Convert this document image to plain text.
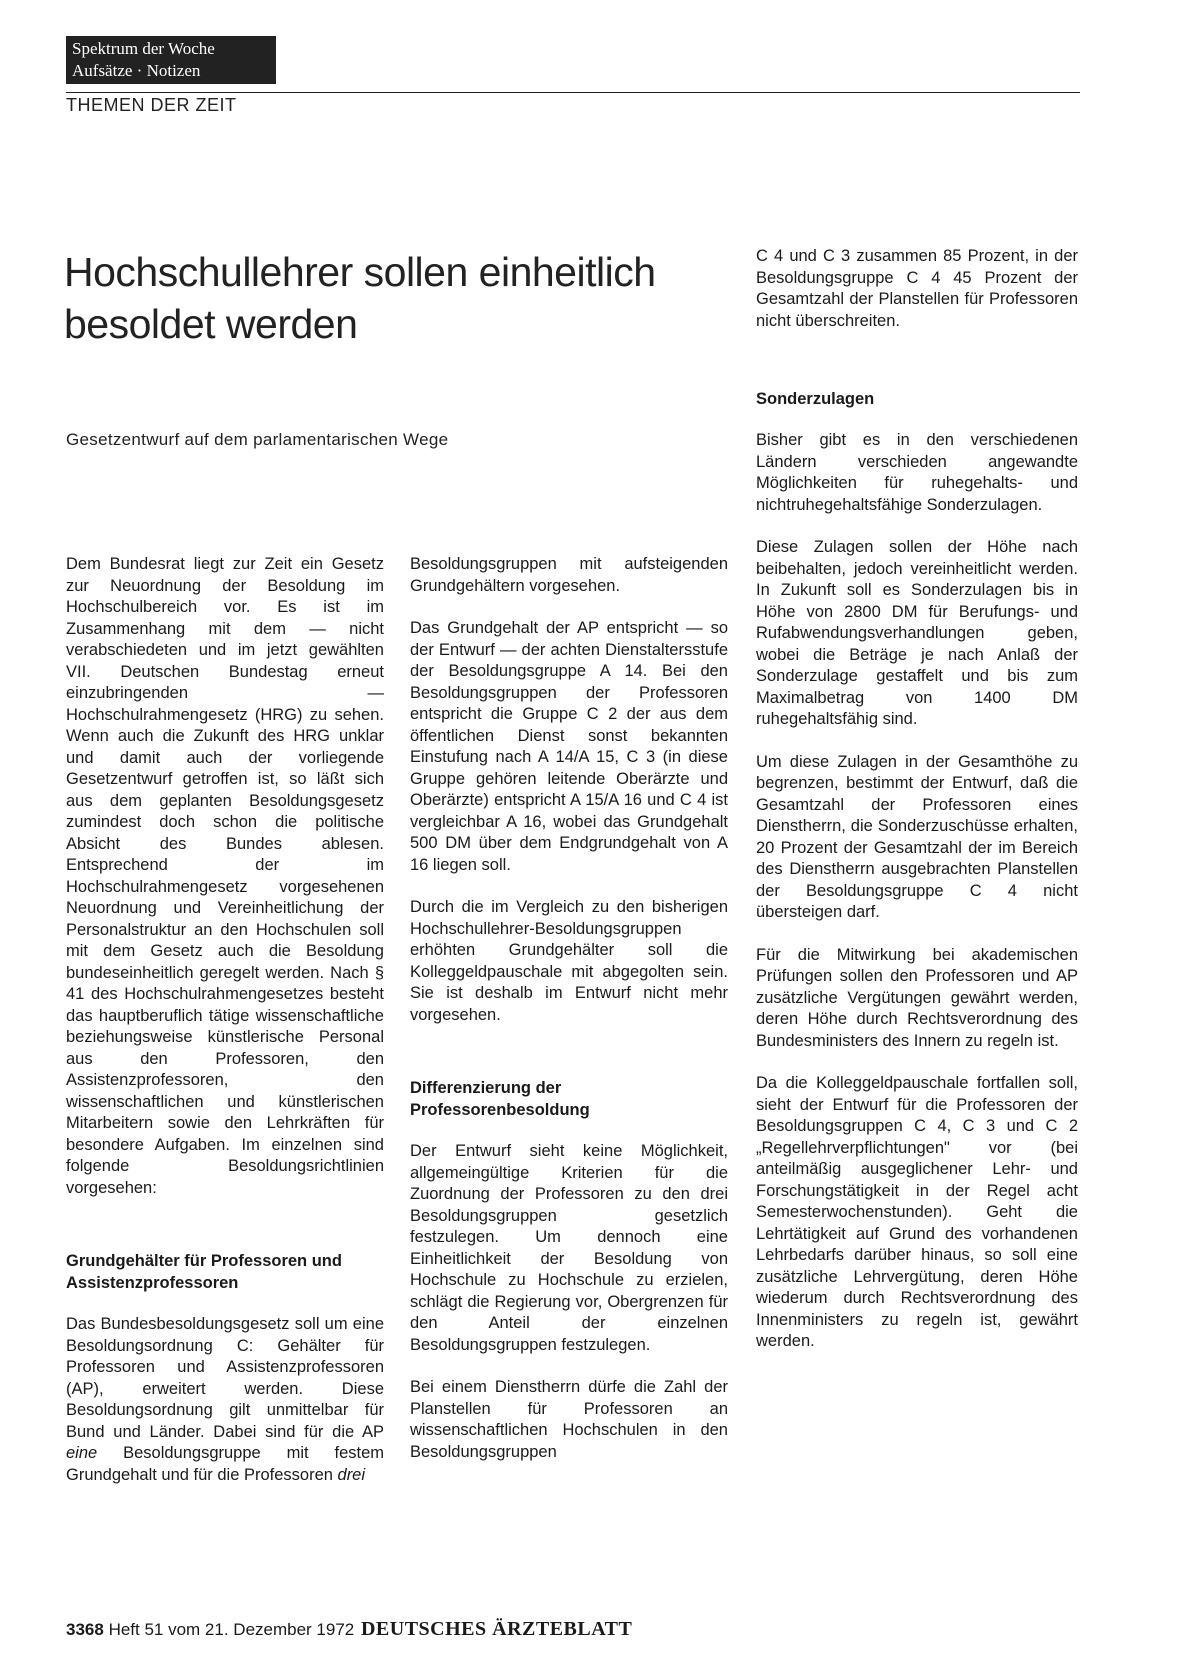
Spektrum der Woche
Aufsätze · Notizen
THEMEN DER ZEIT
Hochschullehrer sollen einheitlich besoldet werden
Gesetzentwurf auf dem parlamentarischen Wege

Dem Bundesrat liegt zur Zeit ein Gesetz zur Neuordnung der Besoldung im Hochschulbereich vor. Es ist im Zusammenhang mit dem — nicht verabschiedeten und im jetzt gewählten VII. Deutschen Bundestag erneut einzubringenden — Hochschulrahmengesetz (HRG) zu sehen. Wenn auch die Zukunft des HRG unklar und damit auch der vorliegende Gesetzentwurf getroffen ist, so läßt sich aus dem geplanten Besoldungsgesetz zumindest doch schon die politische Absicht des Bundes ablesen. Entsprechend der im Hochschulrahmengesetz vorgesehenen Neuordnung und Vereinheitlichung der Personalstruktur an den Hochschulen soll mit dem Gesetz auch die Besoldung bundeseinheitlich geregelt werden. Nach § 41 des Hochschulrahmengesetzes besteht das hauptberuflich tätige wissenschaftliche beziehungsweise künstlerische Personal aus den Professoren, den Assistenzprofessoren, den wissenschaftlichen und künstlerischen Mitarbeitern sowie den Lehrkräften für besondere Aufgaben. Im einzelnen sind folgende Besoldungsrichtlinien vorgesehen:

Grundgehälter für Professoren und Assistenzprofessoren

Das Bundesbesoldungsgesetz soll um eine Besoldungsordnung C: Gehälter für Professoren und Assistenzprofessoren (AP), erweitert werden. Diese Besoldungsordnung gilt unmittelbar für Bund und Länder. Dabei sind für die AP eine Besoldungsgruppe mit festem Grundgehalt und für die Professoren drei

Besoldungsgruppen mit aufsteigenden Grundgehältern vorgesehen.

Das Grundgehalt der AP entspricht — so der Entwurf — der achten Dienstaltersstufe der Besoldungsgruppe A 14. Bei den Besoldungsgruppen der Professoren entspricht die Gruppe C 2 der aus dem öffentlichen Dienst sonst bekannten Einstufung nach A 14/A 15, C 3 (in diese Gruppe gehören leitende Oberärzte und Oberärzte) entspricht A 15/A 16 und C 4 ist vergleichbar A 16, wobei das Grundgehalt 500 DM über dem Endgrundgehalt von A 16 liegen soll.

Durch die im Vergleich zu den bisherigen Hochschullehrer-Besoldungsgruppen erhöhten Grundgehälter soll die Kolleggeldpauschale mit abgegolten sein. Sie ist deshalb im Entwurf nicht mehr vorgesehen.

Differenzierung der Professorenbesoldung

Der Entwurf sieht keine Möglichkeit, allgemeingültige Kriterien für die Zuordnung der Professoren zu den drei Besoldungsgruppen gesetzlich festzulegen. Um dennoch eine Einheitlichkeit der Besoldung von Hochschule zu Hochschule zu erzielen, schlägt die Regierung vor, Obergrenzen für den Anteil der einzelnen Besoldungsgruppen festzulegen.

Bei einem Dienstherrn dürfe die Zahl der Planstellen für Professoren an wissenschaftlichen Hochschulen in den Besoldungsgruppen

C 4 und C 3 zusammen 85 Prozent, in der Besoldungsgruppe C 4 45 Prozent der Gesamtzahl der Planstellen für Professoren nicht überschreiten.

Sonderzulagen

Bisher gibt es in den verschiedenen Ländern verschieden angewandte Möglichkeiten für ruhegehalts- und nichtruhegehaltsfähige Sonderzulagen.

Diese Zulagen sollen der Höhe nach beibehalten, jedoch vereinheitlicht werden. In Zukunft soll es Sonderzulagen bis in Höhe von 2800 DM für Berufungs- und Rufabwendungsverhandlungen geben, wobei die Beträge je nach Anlaß der Sonderzulage gestaffelt und bis zum Maximalbetrag von 1400 DM ruhegehaltsfähig sind.

Um diese Zulagen in der Gesamthöhe zu begrenzen, bestimmt der Entwurf, daß die Gesamtzahl der Professoren eines Dienstherrn, die Sonderzuschüsse erhalten, 20 Prozent der Gesamtzahl der im Bereich des Dienstherrn ausgebrachten Planstellen der Besoldungsgruppe C 4 nicht übersteigen darf.

Für die Mitwirkung bei akademischen Prüfungen sollen den Professoren und AP zusätzliche Vergütungen gewährt werden, deren Höhe durch Rechtsverordnung des Bundesministers des Innern zu regeln ist.

Da die Kolleggeldpauschale fortfallen soll, sieht der Entwurf für die Professoren der Besoldungsgruppen C 4, C 3 und C 2 „Regellehrverpflichtungen" vor (bei anteilmäßig ausgeglichener Lehr- und Forschungstätigkeit in der Regel acht Semesterwochenstunden). Geht die Lehrtätigkeit auf Grund des vorhandenen Lehrbedarfs darüber hinaus, so soll eine zusätzliche Lehrvergütung, deren Höhe wiederum durch Rechtsverordnung des Innenministers zu regeln ist, gewährt werden.

3368 Heft 51 vom 21. Dezember 1972 DEUTSCHES ÄRZTEBLATT
